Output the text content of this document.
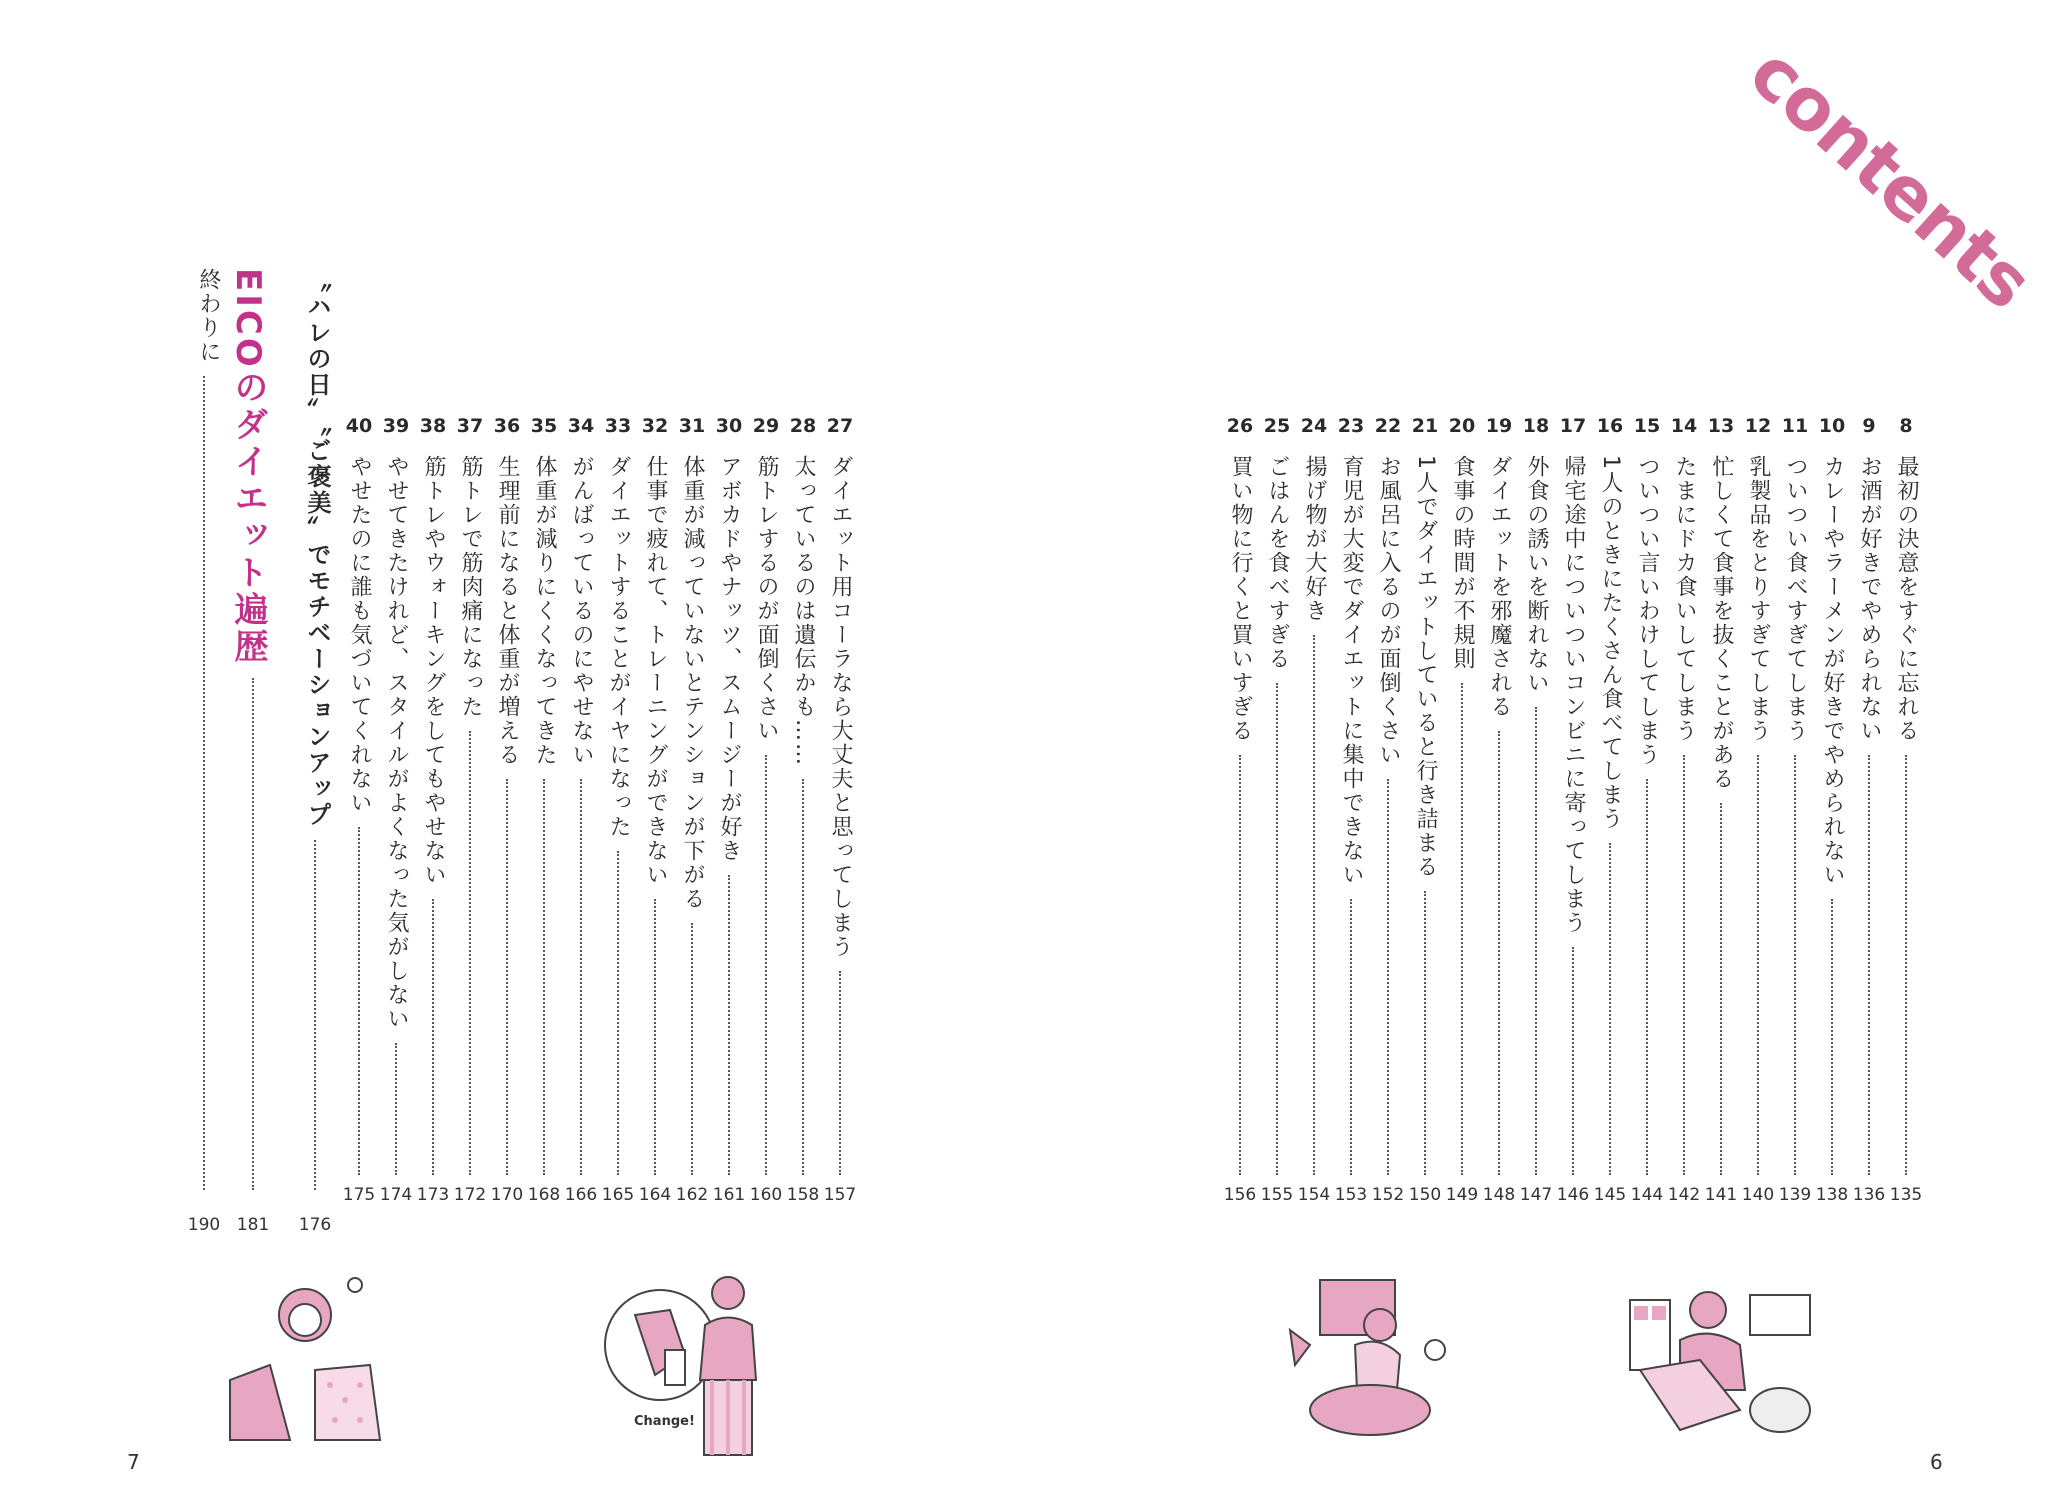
contents
8
最初の決意をすぐに忘れる
135
9
お酒が好きでやめられない
136
10
カレーやラーメンが好きでやめられない
138
11
ついつい食べすぎてしまう
139
12
乳製品をとりすぎてしまう
140
13
忙しくて食事を抜くことがある
141
14
たまにドカ食いしてしまう
142
15
ついつい言いわけしてしまう
144
16
1人のときにたくさん食べてしまう
145
17
帰宅途中についついコンビニに寄ってしまう
146
18
外食の誘いを断れない
147
19
ダイエットを邪魔される
148
20
食事の時間が不規則
149
21
1人でダイエットしていると行き詰まる
150
22
お風呂に入るのが面倒くさい
152
23
育児が大変でダイエットに集中できない
153
24
揚げ物が大好き
154
25
ごはんを食べすぎる
155
26
買い物に行くと買いすぎる
156
27
ダイエット用コーラなら大丈夫と思ってしまう
157
28
太っているのは遺伝かも……
158
29
筋トレするのが面倒くさい
160
30
アボカドやナッツ、スムージーが好き
161
31
体重が減っていないとテンションが下がる
162
32
仕事で疲れて、トレーニングができない
164
33
ダイエットすることがイヤになった
165
34
がんばっているのにやせない
166
35
体重が減りにくくなってきた
168
36
生理前になると体重が増える
170
37
筋トレで筋肉痛になった
172
38
筋トレやウォーキングをしてもやせない
173
39
やせてきたけれど、スタイルがよくなった気がしない
174
40
やせたのに誰も気づいてくれない
175
〝ハレの日〟〝ご褒美〟でモチベーションアップ
176
EICOのダイエット遍歴
181
終わりに
190
6
7
Change!
